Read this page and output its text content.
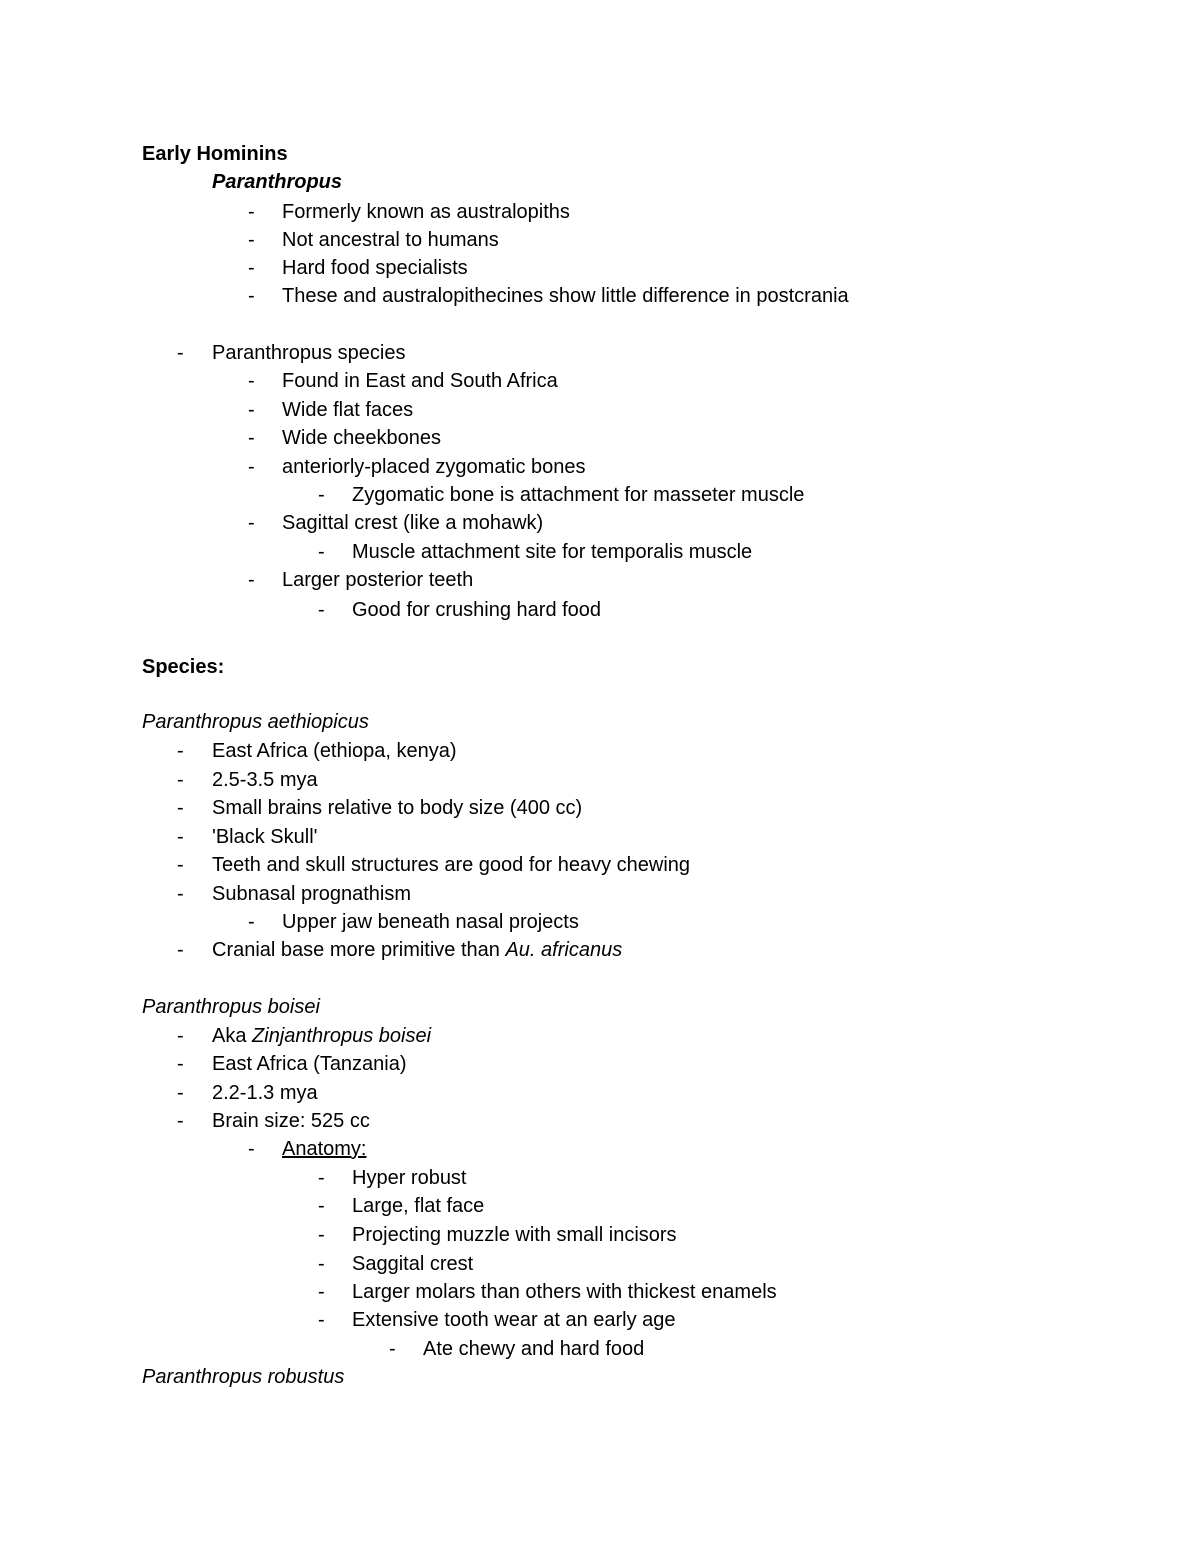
Early Hominins
Paranthropus
- Formerly known as australopiths
- Not ancestral to humans
- Hard food specialists
- These and australopithecines show little difference in postcrania
- Paranthropus species
- Found in East and South Africa
- Wide flat faces
- Wide cheekbones
- anteriorly-placed zygomatic bones
- Zygomatic bone is attachment for masseter muscle
- Sagittal crest (like a mohawk)
- Muscle attachment site for temporalis muscle
- Larger posterior teeth
- Good for crushing hard food
Species:
Paranthropus aethiopicus
- East Africa (ethiopa, kenya)
- 2.5-3.5 mya
- Small brains relative to body size (400 cc)
- 'Black Skull'
- Teeth and skull structures are good for heavy chewing
- Subnasal prognathism
- Upper jaw beneath nasal projects
- Cranial base more primitive than Au. africanus
Paranthropus boisei
- Aka Zinjanthropus boisei
- East Africa (Tanzania)
- 2.2-1.3 mya
- Brain size: 525 cc
- Anatomy:
- Hyper robust
- Large, flat face
- Projecting muzzle with small incisors
- Saggital crest
- Larger molars than others with thickest enamels
- Extensive tooth wear at an early age
- Ate chewy and hard food
Paranthropus robustus
